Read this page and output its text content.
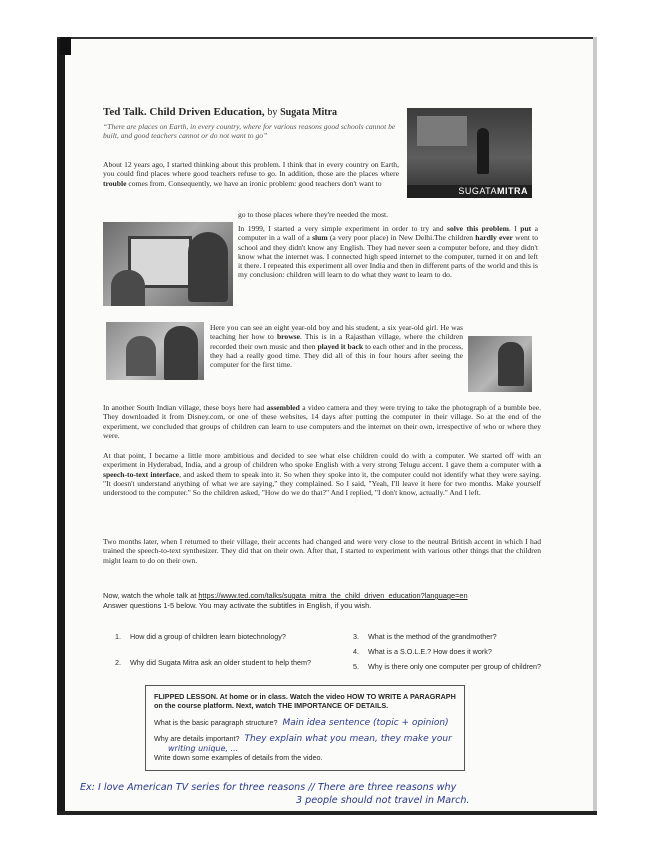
Ted Talk. Child Driven Education, by Sugata Mitra
“There are places on Earth, in every country, where for various reasons good schools cannot be built, and good teachers cannot or do not want to go”
SUGATAMITRA

About 12 years ago, I started thinking about this problem. I think that in every country on Earth, you could find places where good teachers refuse to go. In addition, those are the places where trouble comes from. Consequently, we have an ironic problem: good teachers don't want to

go to those places where they're needed the most.

In 1999, I started a very simple experiment in order to try and solve this problem. I put a computer in a wall of a slum (a very poor place) in New Delhi.The children hardly ever went to school and they didn't know any English. They had never seen a computer before, and they didn't know what the internet was. I connected high speed internet to the computer, turned it on and left it there. I repeated this experiment all over India and then in different parts of the world and this is my conclusion: children will learn to do what they want to learn to do.

Here you can see an eight year-old boy and his student, a six year-old girl. He was teaching her how to browse. This is in a Rajasthan village, where the children recorded their own music and then played it back to each other and in the process, they had a really good time. They did all of this in four hours after seeing the computer for the first time.

In another South Indian village, these boys here had assembled a video camera and they were trying to take the photograph of a bumble bee. They downloaded it from Disney.com, or one of these websites, 14 days after putting the computer in their village. So at the end of the experiment, we concluded that groups of children can learn to use computers and the internet on their own, irrespective of who or where they were.

At that point, I became a little more ambitious and decided to see what else children could do with a computer. We started off with an experiment in Hyderabad, India, and a group of children who spoke English with a very strong Telugu accent. I gave them a computer with a speech-to-text interface, and asked them to speak into it. So when they spoke into it, the computer could not identify what they were saying. "It doesn't understand anything of what we are saying," they complained. So I said, "Yeah, I'll leave it here for two months. Make yourself understood to the computer." So the children asked, "How do we do that?" And I replied, "I don't know, actually." And I left.

Two months later, when I returned to their village, their accents had changed and were very close to the neutral British accent in which I had trained the speech-to-text synthesizer. They did that on their own. After that, I started to experiment with various other things that the children might learn to do on their own.

Now, watch the whole talk at https://www.ted.com/talks/sugata_mitra_the_child_driven_education?language=en
Answer questions 1-5 below. You may activate the subtitles in English, if you wish.
1. How did a group of children learn biotechnology?
2. Why did Sugata Mitra ask an older student to help them?
3. What is the method of the grandmother?
4. What is a S.O.L.E.? How does it work?
5. Why is there only one computer per group of children?
FLIPPED LESSON. At home or in class. Watch the video HOW TO WRITE A PARAGRAPH on the course platform. Next, watch THE IMPORTANCE OF DETAILS.
What is the basic paragraph structure? Main idea sentence (topic + opinion)
Why are details important? They explain what you mean, they make your
writing unique, ...
Write down some examples of details from the video.
Ex: I love American TV series for three reasons // There are three reasons why
3 people should not travel in March.
